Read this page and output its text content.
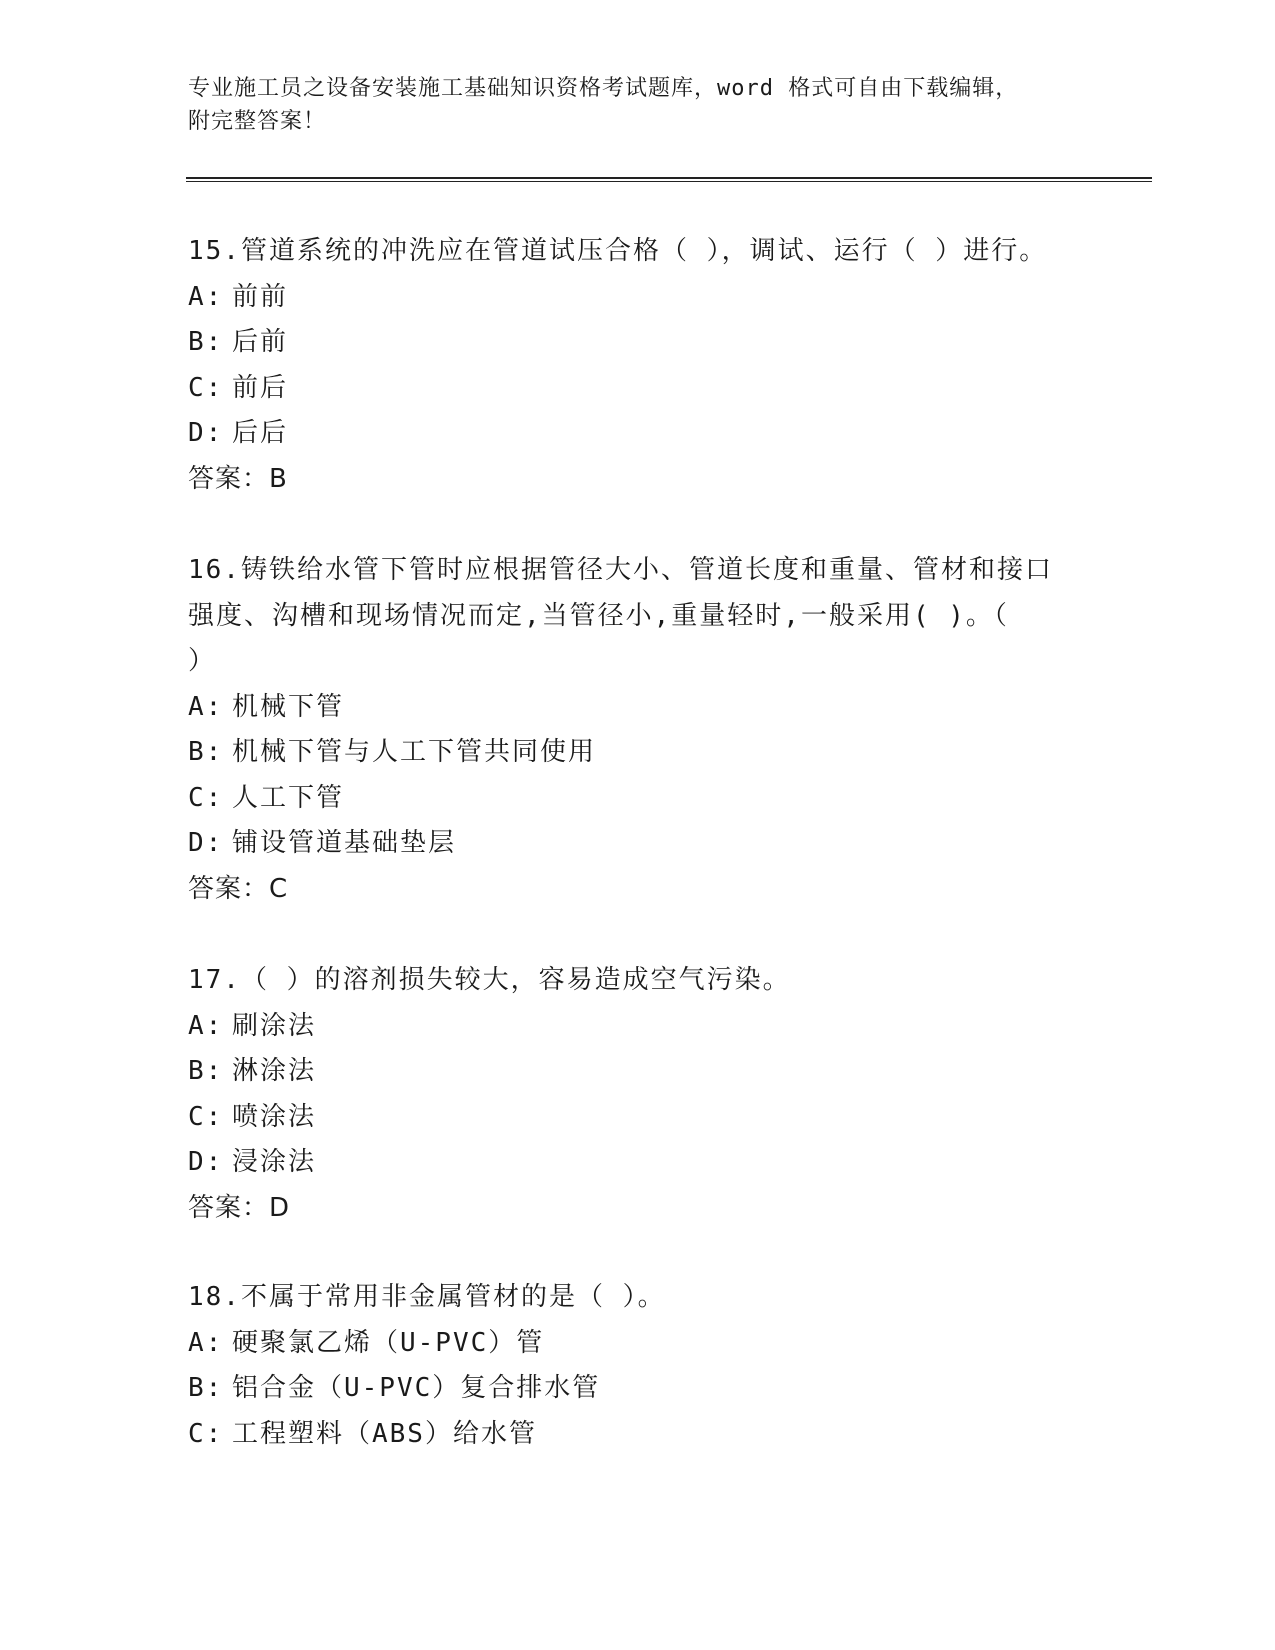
专业施工员之设备安装施工基础知识资格考试题库，word 格式可自由下载编辑，
附完整答案！
15.管道系统的冲洗应在管道试压合格（ ），调试、运行（ ）进行。
A: 前前
B: 后前
C: 前后
D: 后后
答案：B
16.铸铁给水管下管时应根据管径大小、管道长度和重量、管材和接口
强度、沟槽和现场情况而定,当管径小,重量轻时,一般采用( )。（
）
A: 机械下管
B: 机械下管与人工下管共同使用
C: 人工下管
D: 铺设管道基础垫层
答案：C
17.（ ）的溶剂损失较大，容易造成空气污染。
A: 刷涂法
B: 淋涂法
C: 喷涂法
D: 浸涂法
答案：D
18.不属于常用非金属管材的是（ ）。
A: 硬聚氯乙烯（U-PVC）管
B: 铝合金（U-PVC）复合排水管
C: 工程塑料（ABS）给水管
